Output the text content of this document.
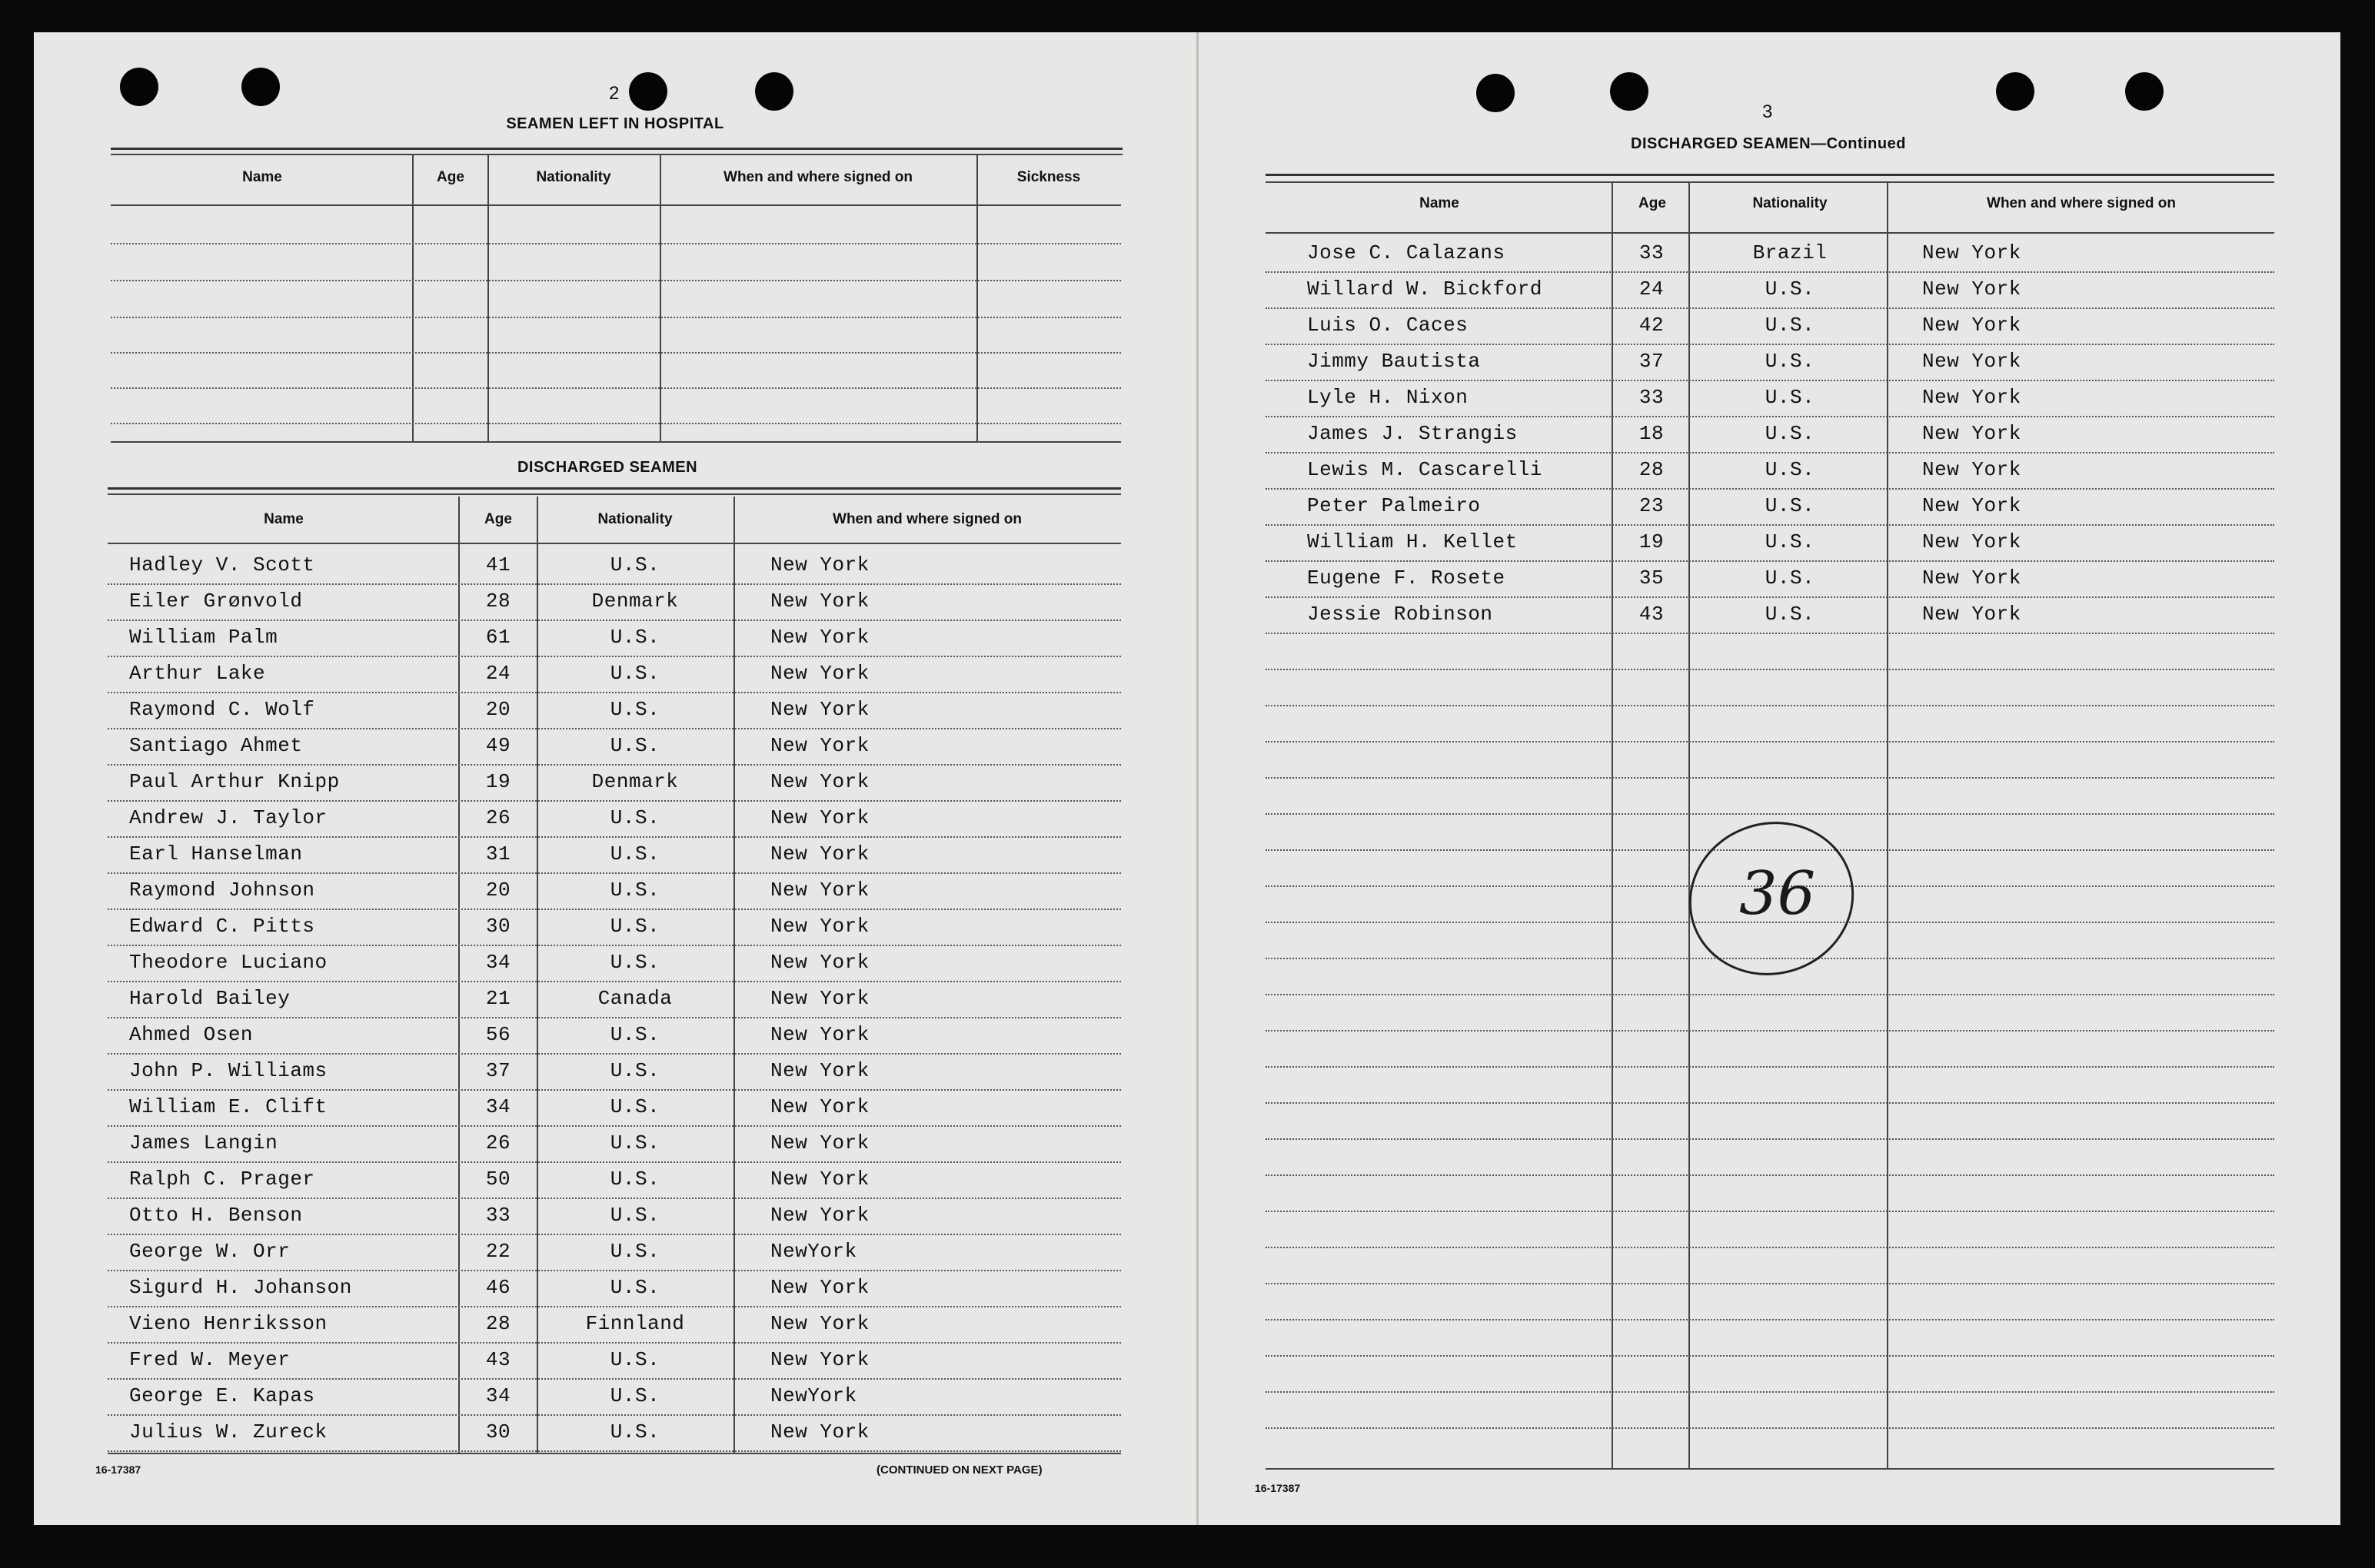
2
SEAMEN LEFT IN HOSPITAL
Name	Age	Nationality	When and where signed on	Sickness
DISCHARGED SEAMEN
Name	Age	Nationality	When and where signed on
Hadley V. Scott	41	U.S.	New York
Eiler Grønvold	28	Denmark	New York
William Palm	61	U.S.	New York
Arthur Lake	24	U.S.	New York
Raymond C. Wolf	20	U.S.	New York
Santiago Ahmet	49	U.S.	New York
Paul Arthur Knipp	19	Denmark	New York
Andrew J. Taylor	26	U.S.	New York
Earl Hanselman	31	U.S.	New York
Raymond Johnson	20	U.S.	New York
Edward C. Pitts	30	U.S.	New York
Theodore Luciano	34	U.S.	New York
Harold Bailey	21	Canada	New York
Ahmed Osen	56	U.S.	New York
John P. Williams	37	U.S.	New York
William E. Clift	34	U.S.	New York
James Langin	26	U.S.	New York
Ralph C. Prager	50	U.S.	New York
Otto H. Benson	33	U.S.	New York
George W. Orr	22	U.S.	NewYork
Sigurd H. Johanson	46	U.S.	New York
Vieno Henriksson	28	Finnland	New York
Fred W. Meyer	43	U.S.	New York
George E. Kapas	34	U.S.	NewYork
Julius W. Zureck	30	U.S.	New York
16-17387	(CONTINUED ON NEXT PAGE)
3
DISCHARGED SEAMEN—Continued
Name	Age	Nationality	When and where signed on
Jose C. Calazans	33	Brazil	New York
Willard W. Bickford	24	U.S.	New York
Luis O. Caces	42	U.S.	New York
Jimmy Bautista	37	U.S.	New York
Lyle H. Nixon	33	U.S.	New York
James J. Strangis	18	U.S.	New York
Lewis M. Cascarelli	28	U.S.	New York
Peter Palmeiro	23	U.S.	New York
William H. Kellet	19	U.S.	New York
Eugene F. Rosete	35	U.S.	New York
Jessie Robinson	43	U.S.	New York
36
16-17387
